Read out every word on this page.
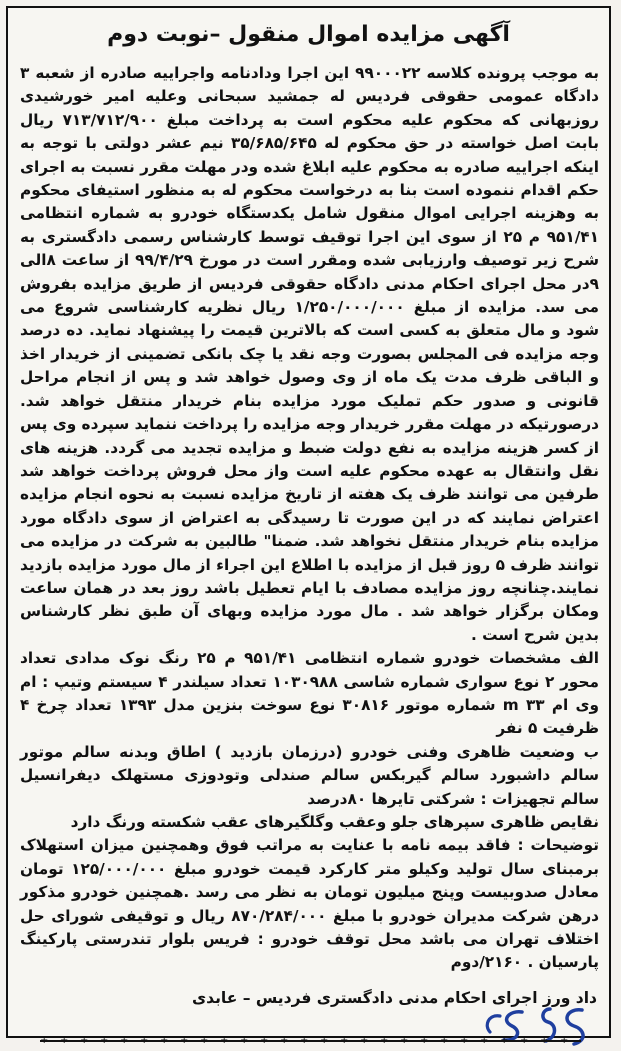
آگهی مزایده اموال منقول –نوبت دوم

به موجب پرونده کلاسه ۹۹۰۰۰۲۲ این اجرا ودادنامه واجراییه صادره از شعبه ۳ دادگاه عمومی حقوقی فردیس له جمشید سبحانی وعلیه امیر خورشیدی روزبهانی که محکوم علیه محکوم است به پرداخت مبلغ ۷۱۳/۷۱۲/۹۰۰ ریال بابت اصل خواسته در حق محکوم له ۳۵/۶۸۵/۶۴۵ نیم عشر دولتی با توجه به اینکه اجراییه صادره به محکوم علیه ابلاغ شده ودر مهلت مقرر نسبت به اجرای حکم اقدام ننموده است بنا به درخواست محکوم له به منظور استیفای محکوم به وهزینه اجرایی اموال منقول شامل یکدستگاه خودرو به شماره انتظامی ۹۵۱/۴۱ م ۲۵ از سوی این اجرا توقیف توسط کارشناس رسمی دادگستری به شرح زیر توصیف وارزیابی شده ومقرر است در مورخ ۹۹/۴/۲۹ از ساعت ۸الی ۹در محل اجرای احکام مدنی دادگاه حقوقی فردیس از طریق مزایده بفروش می سد. مزایده از مبلغ ۱/۲۵۰/۰۰۰/۰۰۰ ریال نظریه کارشناسی شروع می شود و مال متعلق به کسی است که بالاترین قیمت را پیشنهاد نماید. ده درصد وجه مزایده فی المجلس بصورت وجه نقد یا چک بانکی تضمینی از خریدار اخذ و الباقی ظرف مدت یک ماه از وی وصول خواهد شد و پس از انجام مراحل قانونی و صدور حکم تملیک مورد مزایده بنام خریدار منتقل خواهد شد. درصورتیکه در مهلت مقرر خریدار وجه مزایده را پرداخت ننماید سپرده وی پس از کسر هزینه مزایده به نفع دولت ضبط و مزایده تجدید می گردد. هزینه های نقل وانتقال به عهده محکوم علیه است واز محل فروش پرداخت خواهد شد طرفین می توانند ظرف یک هفته از تاریخ مزایده نسبت به نحوه انجام مزایده اعتراض نمایند که در این صورت تا رسیدگی به اعتراض از سوی دادگاه مورد مزایده بنام خریدار منتقل نخواهد شد. ضمنا" طالبین به شرکت در مزایده می توانند ظرف ۵ روز قبل از مزایده با اطلاع این اجراء از مال مورد مزایده بازدید نمایند.چنانچه روز مزایده مصادف با ایام تعطیل باشد روز بعد در همان ساعت ومکان برگزار خواهد شد . مال مورد مزایده وبهای آن طبق نظر کارشناس بدین شرح است .

الف مشخصات خودرو شماره انتظامی ۹۵۱/۴۱ م ۲۵ رنگ نوک مدادی تعداد محور ۲ نوع سواری شماره شاسی ۱۰۳۰۹۸۸ تعداد سیلندر ۴ سیستم وتیپ : ام وی ام ۳۳ m شماره موتور ۳۰۸۱۶ نوع سوخت بنزین مدل ۱۳۹۳ تعداد چرخ ۴ ظرفیت ۵ نفر

ب وضعیت ظاهری وفنی خودرو (درزمان بازدید ) اطاق وبدنه سالم موتور سالم داشبورد سالم گیربکس سالم صندلی وتودوزی مستهلک دیفرانسیل سالم تجهیزات : شرکتی تایرها ۸۰درصد

نقایص ظاهری سپرهای جلو وعقب وگلگیرهای عقب شکسته ورنگ دارد

توضیحات : فاقد بیمه نامه با عنایت به مراتب فوق وهمچنین میزان استهلاک برمبنای سال تولید وکیلو متر کارکرد قیمت خودرو مبلغ ۱۲۵/۰۰۰/۰۰۰ تومان معادل صدوبیست وپنج میلیون تومان به نظر می رسد .همچنین خودرو مذکور درهن شرکت مدیران خودرو با مبلغ ۸۷۰/۲۸۴/۰۰۰ ریال و توقیفی شورای حل اختلاف تهران می باشد محل توقف خودرو : فریس بلوار تندرستی پارکینگ پارسیان . ۲۱۶۰/دوم

داد ورز اجرای احکام مدنی دادگستری فردیس – عابدی
+ + + + + + + + + + + + + + + + + + + + + + + + + + +
